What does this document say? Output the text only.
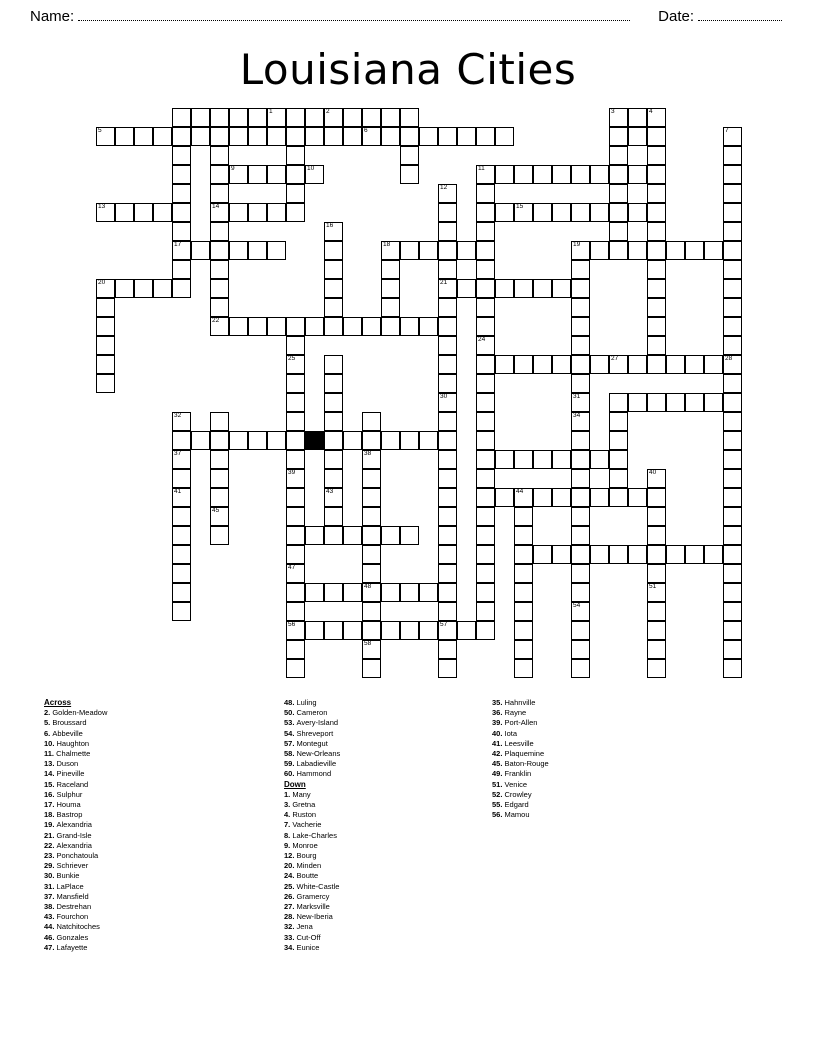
Name:	Date:
Louisiana Cities
1	2	3	4
5	6	7
9	10	11
12
13	14	15
16
17	18	19
20	21
22
24
25	27	28
30	31
32	34
37	38
39	40
41	43	44
45
47
48	51
54
56	57
58
Across
2. Golden-Meadow
5. Broussard
6. Abbeville
10. Haughton
11. Chalmette
13. Duson
14. Pineville
15. Raceland
16. Sulphur
17. Houma
18. Bastrop
19. Alexandria
21. Grand-Isle
22. Alexandria
23. Ponchatoula
29. Schriever
30. Bunkie
31. LaPlace
37. Mansfield
38. Destrehan
43. Fourchon
44. Natchitoches
46. Gonzales
47. Lafayette
48. Luling
50. Cameron
53. Avery-Island
54. Shreveport
57. Montegut
58. New-Orleans
59. Labadieville
60. Hammond
Down
1. Many
3. Gretna
4. Ruston
7. Vacherie
8. Lake-Charles
9. Monroe
12. Bourg
20. Minden
24. Boutte
25. White-Castle
26. Gramercy
27. Marksville
28. New-Iberia
32. Jena
33. Cut-Off
34. Eunice
35. Hahnville
36. Rayne
39. Port-Allen
40. Iota
41. Leesville
42. Plaquemine
45. Baton-Rouge
49. Franklin
51. Venice
52. Crowley
55. Edgard
56. Mamou
